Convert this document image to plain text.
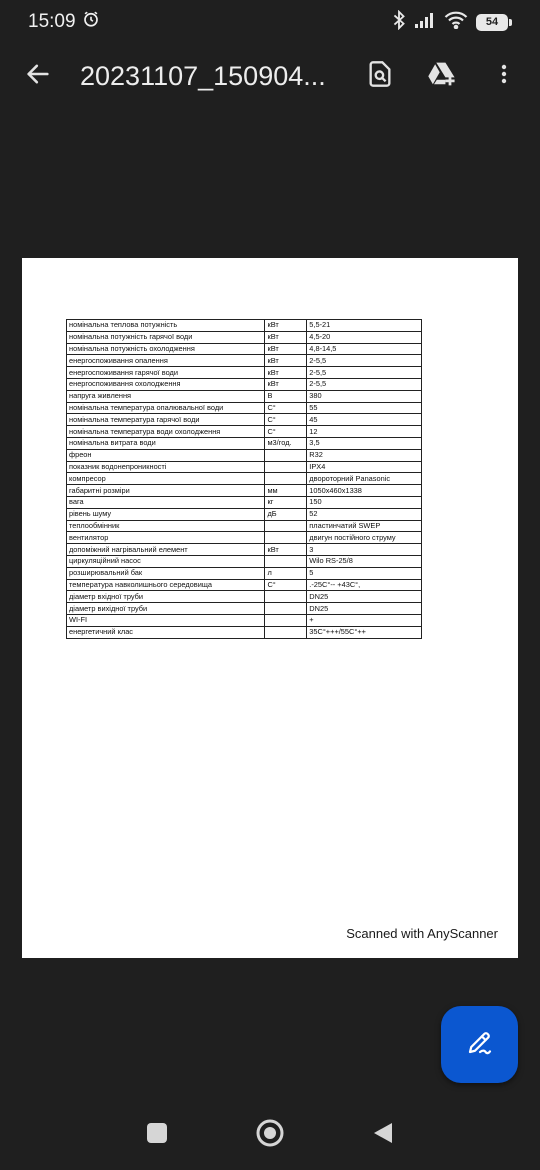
15:09	54
20231107_150904...
номінальна теплова потужність	кВт	5,5-21
номінальна потужність гарячої води	кВт	4,5-20
номінальна потужність охолодження	кВт	4,8-14,5
енергоспоживання опалення	кВт	2-5,5
енергоспоживання гарячої води	кВт	2-5,5
енергоспоживання охолодження	кВт	2-5,5
напруга живлення	В	380
номінальна температура опалювальної води	C°	55
номінальна температура гарячої води	C°	45
номінальна температура води охолодження	C°	12
номінальна витрата води	м3/год.	3,5
фреон		R32
показник водонепроникності		IPX4
компресор		двороторний Panasonic
габаритні розміри	мм	1050х460х1338
вага	кг	150
рівень шуму	дБ	52
теплообмінник		пластинчатий SWEP
вентилятор		двигун постійного струму
допоміжний нагрівальний елемент	кВт	3
циркуляційний насос		Wilo RS-25/8
розширювальний бак	л	5
температура навколишнього середовища	C°	.-25C°-- +43C°,
діаметр вхідної труби		DN25
діаметр вихідної труби		DN25
WI-FI		+
енергетичний клас		35C°+++/55C°++
Scanned with AnyScanner
